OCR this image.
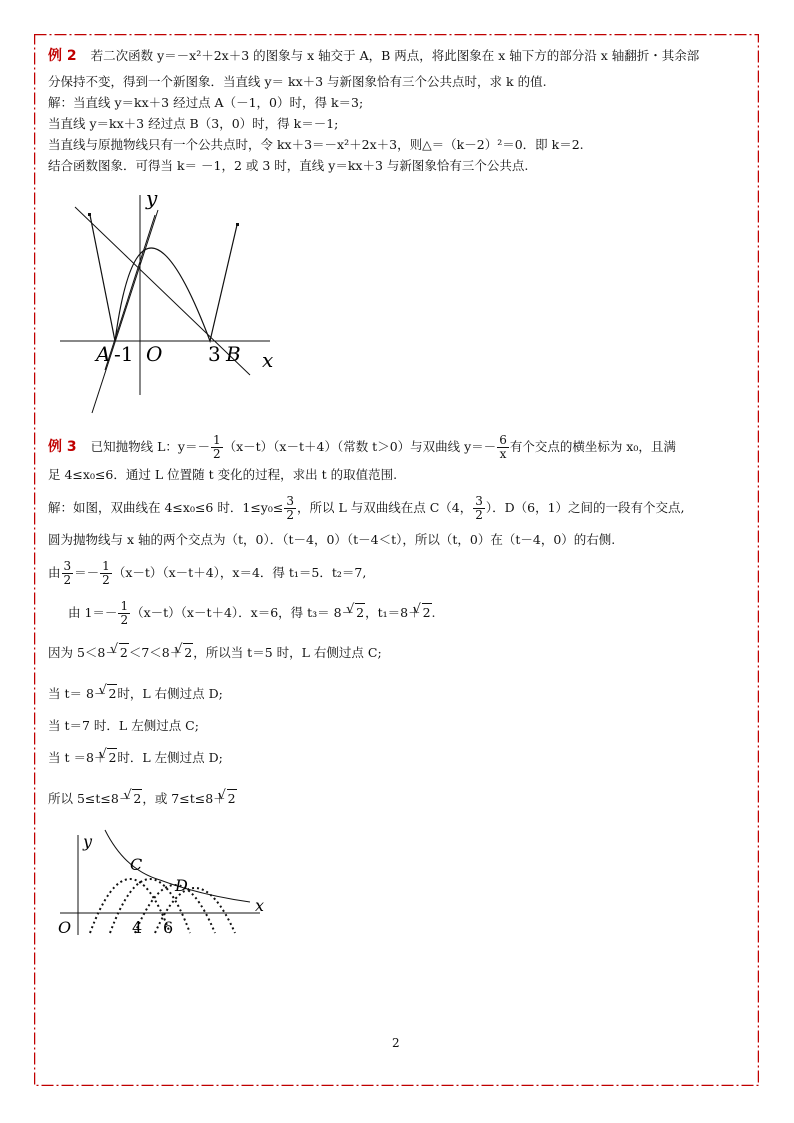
例 2 若二次函数 y＝－x²＋2x＋3 的图象与 x 轴交于 A，B 两点，将此图象在 x 轴下方的部分沿 x 轴翻折・其余部
分保持不变，得到一个新图象．当直线 y＝ kx＋3 与新图象恰有三个公共点时，求 k 的值.
解：当直线 y＝kx＋3 经过点 A（－1，0）时，得 k＝3;
当直线 y＝kx＋3 经过点 B（3，0）时，得 k＝－1;
当直线与原抛物线只有一个公共点时，令 kx＋3＝－x²＋2x＋3，则△＝（k－2）²＝0．即 k＝2.
结合函数图象．可得当 k＝ －1，2 或 3 时，直线 y＝kx＋3 与新图象恰有三个公共点.
y
x
A -1 O 3 B
例 3 已知抛物线 L：$y=- \frac{1}{2} (x-t)(x-t+4)$（常数 t＞0）与双曲线 $y=- \frac{6}{x}$ 有个交点的横坐标为 x₀，且满
足 4≤x₀≤6．通过 L 位置随 t 变化的过程，求出 t 的取值范围.
解：如图，双曲线在 4≤x₀≤6 时．$1\le y_0\le \frac{3}{2}$ ，所以 L 与双曲线在点 C（4， $\frac{3}{2}$ ）．D（6，1）之间的一段有个交点,
圆为抛物线与 x 轴的两个交点为（t，0）．（t－4，0）（t－4＜t），所以（t，0）在（t－4，0）的右侧.
由 $\frac{3}{2} =- \frac{1}{2} (x-t)(x-t+4)$，x＝4．得 t₁＝5．t₂＝7,
由 $1=- \frac{1}{2} (x-t)(x-t+4)$．x＝6，得 t₃＝ 8－ √ 2，t₁＝8＋ √ 2.
因为 5＜8－ √ 2＜7＜8＋ √ 2，所以当 t＝5 时，L 右侧过点 C;
当 t＝ 8－ √ 2时，L 右侧过点 D;
当 t＝7 时．L 左侧过点 C;
当 t ＝8＋ √ 2时．L 左侧过点 D;
所以 5≤t≤8－ √ 2，或 7≤t≤8＋ √ 2
y
x
C
D
O	4 6
2
